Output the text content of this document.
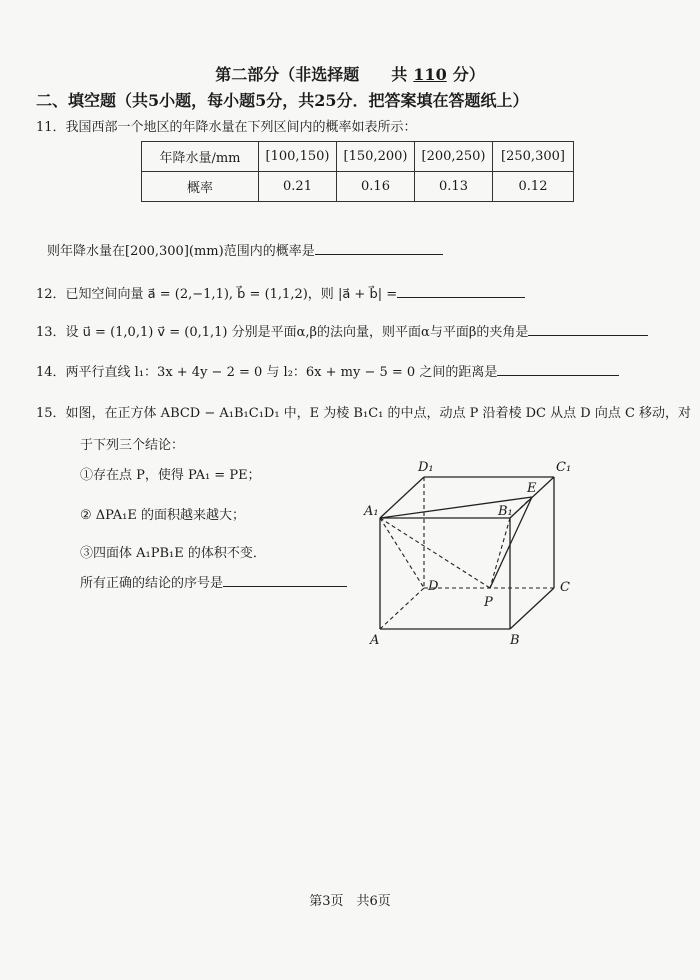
第二部分（非选择题　　共 110 分）
二、填空题（共5小题，每小题5分，共25分．把答案填在答题纸上）
11．我国西部一个地区的年降水量在下列区间内的概率如表所示：
年降水量/mm	[100,150)	[150,200)	[200,250)	[250,300]
概率	0.21	0.16	0.13	0.12
则年降水量在[200,300](mm)范围内的概率是
12．已知空间向量 a⃗ = (2,−1,1), b⃗ = (1,1,2)，则 |a⃗ + b⃗| =
13．设 u⃗ = (1,0,1) v⃗ = (0,1,1) 分别是平面α,β的法向量，则平面α与平面β的夹角是
14．两平行直线 l₁：3x + 4y − 2 = 0 与 l₂：6x + my − 5 = 0 之间的距离是
15．如图，在正方体 ABCD − A₁B₁C₁D₁ 中，E 为棱 B₁C₁ 的中点，动点 P 沿着棱 DC 从点 D 向点 C 移动，对
于下列三个结论：
①存在点 P，使得 PA₁ = PE；
② ΔPA₁E 的面积越来越大；
③四面体 A₁PB₁E 的体积不变．
所有正确的结论的序号是
D₁	C₁
E
A₁	B₁
D
P
C
A	B
第3页　共6页
